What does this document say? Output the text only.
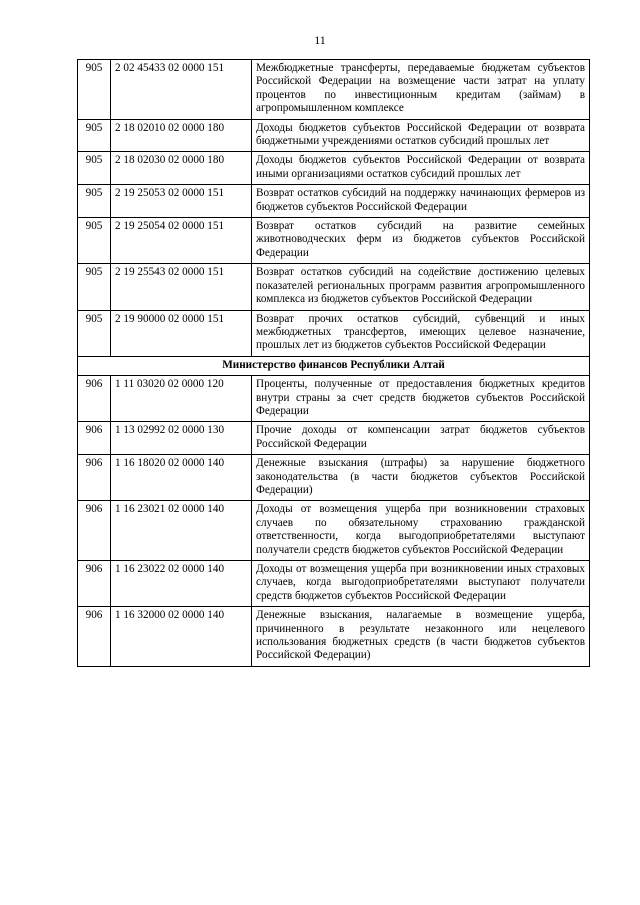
11
905	2 02 45433 02 0000 151	Межбюджетные трансферты, передаваемые бюджетам субъектов Российской Федерации на возмещение части затрат на уплату процентов по инвестиционным кредитам (займам) в агропромышленном комплексе
905	2 18 02010 02 0000 180	Доходы бюджетов субъектов Российской Федерации от возврата бюджетными учреждениями остатков субсидий прошлых лет
905	2 18 02030 02 0000 180	Доходы бюджетов субъектов Российской Федерации от возврата иными организациями остатков субсидий прошлых лет
905	2 19 25053 02 0000 151	Возврат остатков субсидий на поддержку начинающих фермеров из бюджетов субъектов Российской Федерации
905	2 19 25054 02 0000 151	Возврат остатков субсидий на развитие семейных животноводческих ферм из бюджетов субъектов Российской Федерации
905	2 19 25543 02 0000 151	Возврат остатков субсидий на содействие достижению целевых показателей региональных программ развития агропромышленного комплекса из бюджетов субъектов Российской Федерации
905	2 19 90000 02 0000 151	Возврат прочих остатков субсидий, субвенций и иных межбюджетных трансфертов, имеющих целевое назначение, прошлых лет из бюджетов субъектов Российской Федерации
Министерство финансов Республики Алтай		
906	1 11 03020 02 0000 120	Проценты, полученные от предоставления бюджетных кредитов внутри страны за счет средств бюджетов субъектов Российской Федерации
906	1 13 02992 02 0000 130	Прочие доходы от компенсации затрат бюджетов субъектов Российской Федерации
906	1 16 18020 02 0000 140	Денежные взыскания (штрафы) за нарушение бюджетного законодательства (в части бюджетов субъектов Российской Федерации)
906	1 16 23021 02 0000 140	Доходы от возмещения ущерба при возникновении страховых случаев по обязательному страхованию гражданской ответственности, когда выгодоприобретателями выступают получатели средств бюджетов субъектов Российской Федерации
906	1 16 23022 02 0000 140	Доходы от возмещения ущерба при возникновении иных страховых случаев, когда выгодоприобретателями выступают получатели средств бюджетов субъектов Российской Федерации
906	1 16 32000 02 0000 140	Денежные взыскания, налагаемые в возмещение ущерба, причиненного в результате незаконного или нецелевого использования бюджетных средств (в части бюджетов субъектов Российской Федерации)
